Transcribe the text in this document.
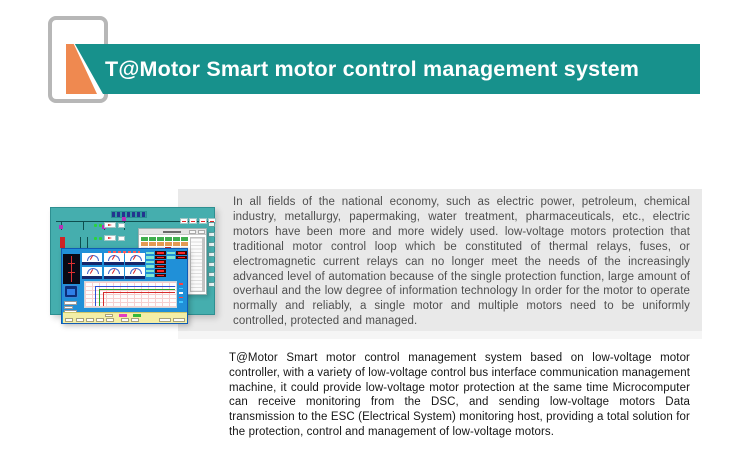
T@Motor Smart motor control management system

In all fields of the national economy, such as electric power, petroleum, chemical industry, metallurgy, papermaking, water treatment, pharmaceuticals, etc., electric motors have been more and more widely used. low-voltage motors protection that traditional motor control loop which be constituted of thermal relays, fuses, or electromagnetic current relays can no longer meet the needs of the increasingly advanced level of automation because of the single protection function, large amount of overhaul and the low degree of information technology In order for the motor to operate normally and reliably, a single motor and multiple motors need to be uniformly controlled, protected and managed.

T@Motor Smart motor control management system based on low-voltage motor controller, with a variety of low-voltage control bus interface communication management machine, it could provide low-voltage motor protection at the same time Microcomputer can receive monitoring from the DSC, and sending low-voltage motors Data transmission to the ESC (Electrical System) monitoring host, providing a total solution for the protection, control and management of low-voltage motors.
